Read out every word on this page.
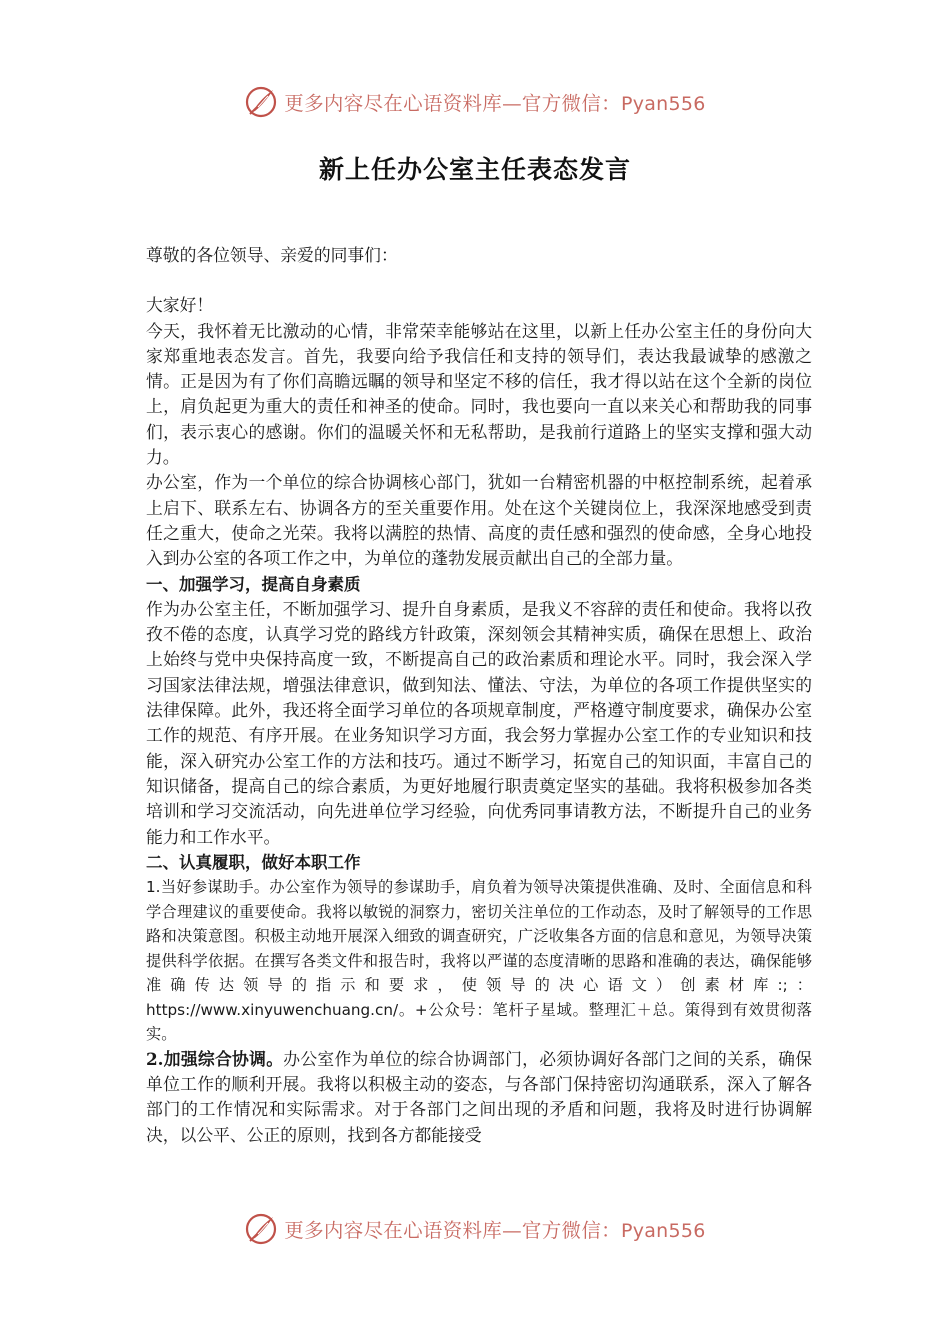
更多内容尽在心语资料库—官方微信：Pyan556
新上任办公室主任表态发言

尊敬的各位领导、亲爱的同事们：

大家好！

今天，我怀着无比激动的心情，非常荣幸能够站在这里，以新上任办公室主任的身份向大家郑重地表态发言。首先，我要向给予我信任和支持的领导们，表达我最诚挚的感激之情。正是因为有了你们高瞻远瞩的领导和坚定不移的信任，我才得以站在这个全新的岗位上，肩负起更为重大的责任和神圣的使命。同时，我也要向一直以来关心和帮助我的同事们，表示衷心的感谢。你们的温暖关怀和无私帮助，是我前行道路上的坚实支撑和强大动力。

办公室，作为一个单位的综合协调核心部门，犹如一台精密机器的中枢控制系统，起着承上启下、联系左右、协调各方的至关重要作用。处在这个关键岗位上，我深深地感受到责任之重大，使命之光荣。我将以满腔的热情、高度的责任感和强烈的使命感，全身心地投入到办公室的各项工作之中，为单位的蓬勃发展贡献出自己的全部力量。

一、加强学习，提高自身素质

作为办公室主任，不断加强学习、提升自身素质，是我义不容辞的责任和使命。我将以孜孜不倦的态度，认真学习党的路线方针政策，深刻领会其精神实质，确保在思想上、政治上始终与党中央保持高度一致，不断提高自己的政治素质和理论水平。同时，我会深入学习国家法律法规，增强法律意识，做到知法、懂法、守法，为单位的各项工作提供坚实的法律保障。此外，我还将全面学习单位的各项规章制度，严格遵守制度要求，确保办公室工作的规范、有序开展。在业务知识学习方面，我会努力掌握办公室工作的专业知识和技能，深入研究办公室工作的方法和技巧。通过不断学习，拓宽自己的知识面，丰富自己的知识储备，提高自己的综合素质，为更好地履行职责奠定坚实的基础。我将积极参加各类培训和学习交流活动，向先进单位学习经验，向优秀同事请教方法，不断提升自己的业务能力和工作水平。

二、认真履职，做好本职工作

1.当好参谋助手。办公室作为领导的参谋助手，肩负着为领导决策提供准确、及时、全面信息和科学合理建议的重要使命。我将以敏锐的洞察力，密切关注单位的工作动态，及时了解领导的工作思路和决策意图。积极主动地开展深入细致的调查研究，广泛收集各方面的信息和意见，为领导决策提供科学依据。在撰写各类文件和报告时，我将以严谨的态度清晰的思路和准确的表达，确保能够准确传达领导的指示和要求，使领导的决心语文）创素材库:;：https://www.xinyuwenchuang.cn/。+公众号：笔杆子星域。整理汇＋总。策得到有效贯彻落实。

2.加强综合协调。办公室作为单位的综合协调部门，必须协调好各部门之间的关系，确保单位工作的顺利开展。我将以积极主动的姿态，与各部门保持密切沟通联系，深入了解各部门的工作情况和实际需求。对于各部门之间出现的矛盾和问题，我将及时进行协调解决，以公平、公正的原则，找到各方都能接受

更多内容尽在心语资料库—官方微信：Pyan556
